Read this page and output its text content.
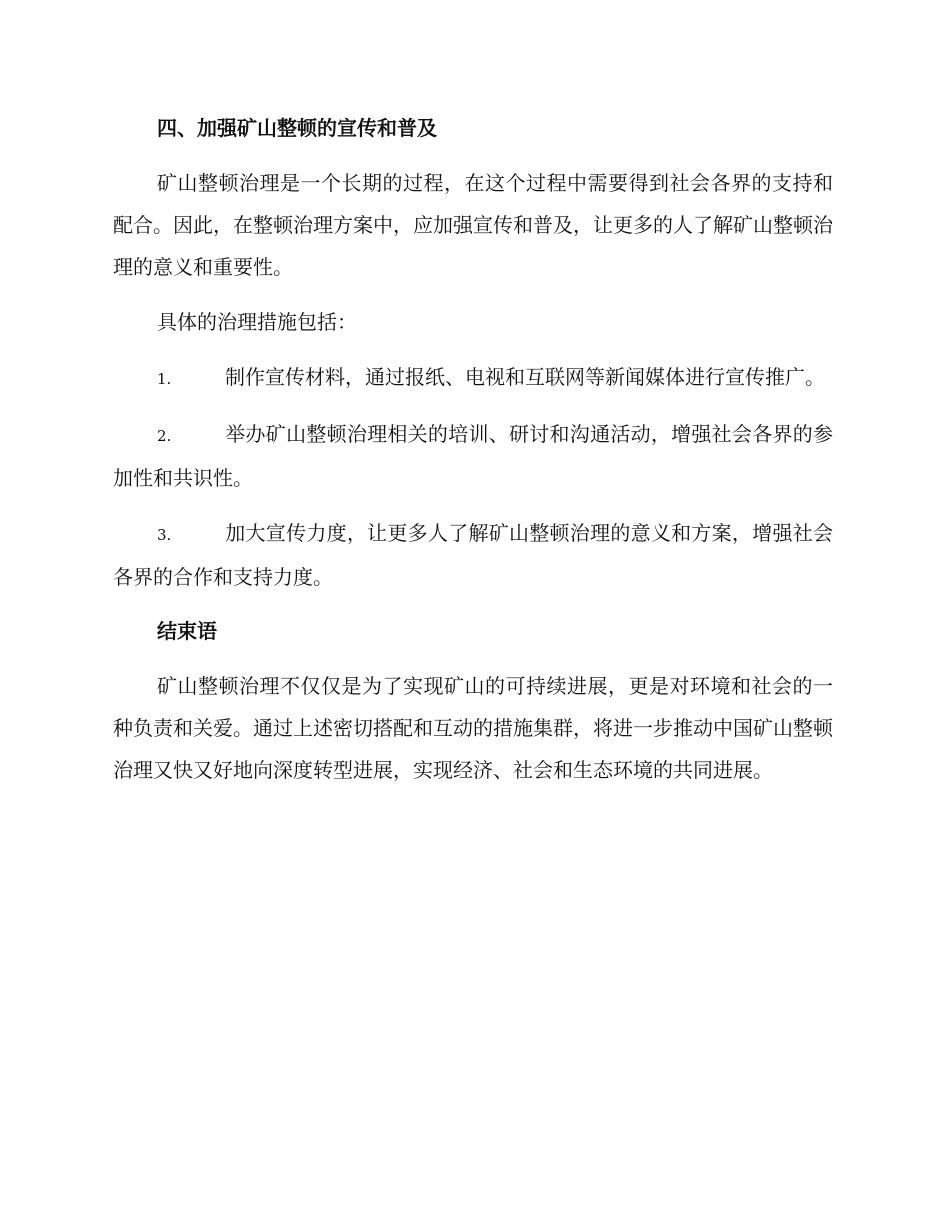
四、加强矿山整顿的宣传和普及

矿山整顿治理是一个长期的过程，在这个过程中需要得到社会各界的支持和配合。因此，在整顿治理方案中，应加强宣传和普及，让更多的人了解矿山整顿治理的意义和重要性。

具体的治理措施包括：

1.	制作宣传材料，通过报纸、电视和互联网等新闻媒体进行宣传推广。

2.	举办矿山整顿治理相关的培训、研讨和沟通活动，增强社会各界的参加性和共识性。

3.	加大宣传力度，让更多人了解矿山整顿治理的意义和方案，增强社会各界的合作和支持力度。

结束语

矿山整顿治理不仅仅是为了实现矿山的可持续进展，更是对环境和社会的一种负责和关爱。通过上述密切搭配和互动的措施集群，将进一步推动中国矿山整顿治理又快又好地向深度转型进展，实现经济、社会和生态环境的共同进展。
